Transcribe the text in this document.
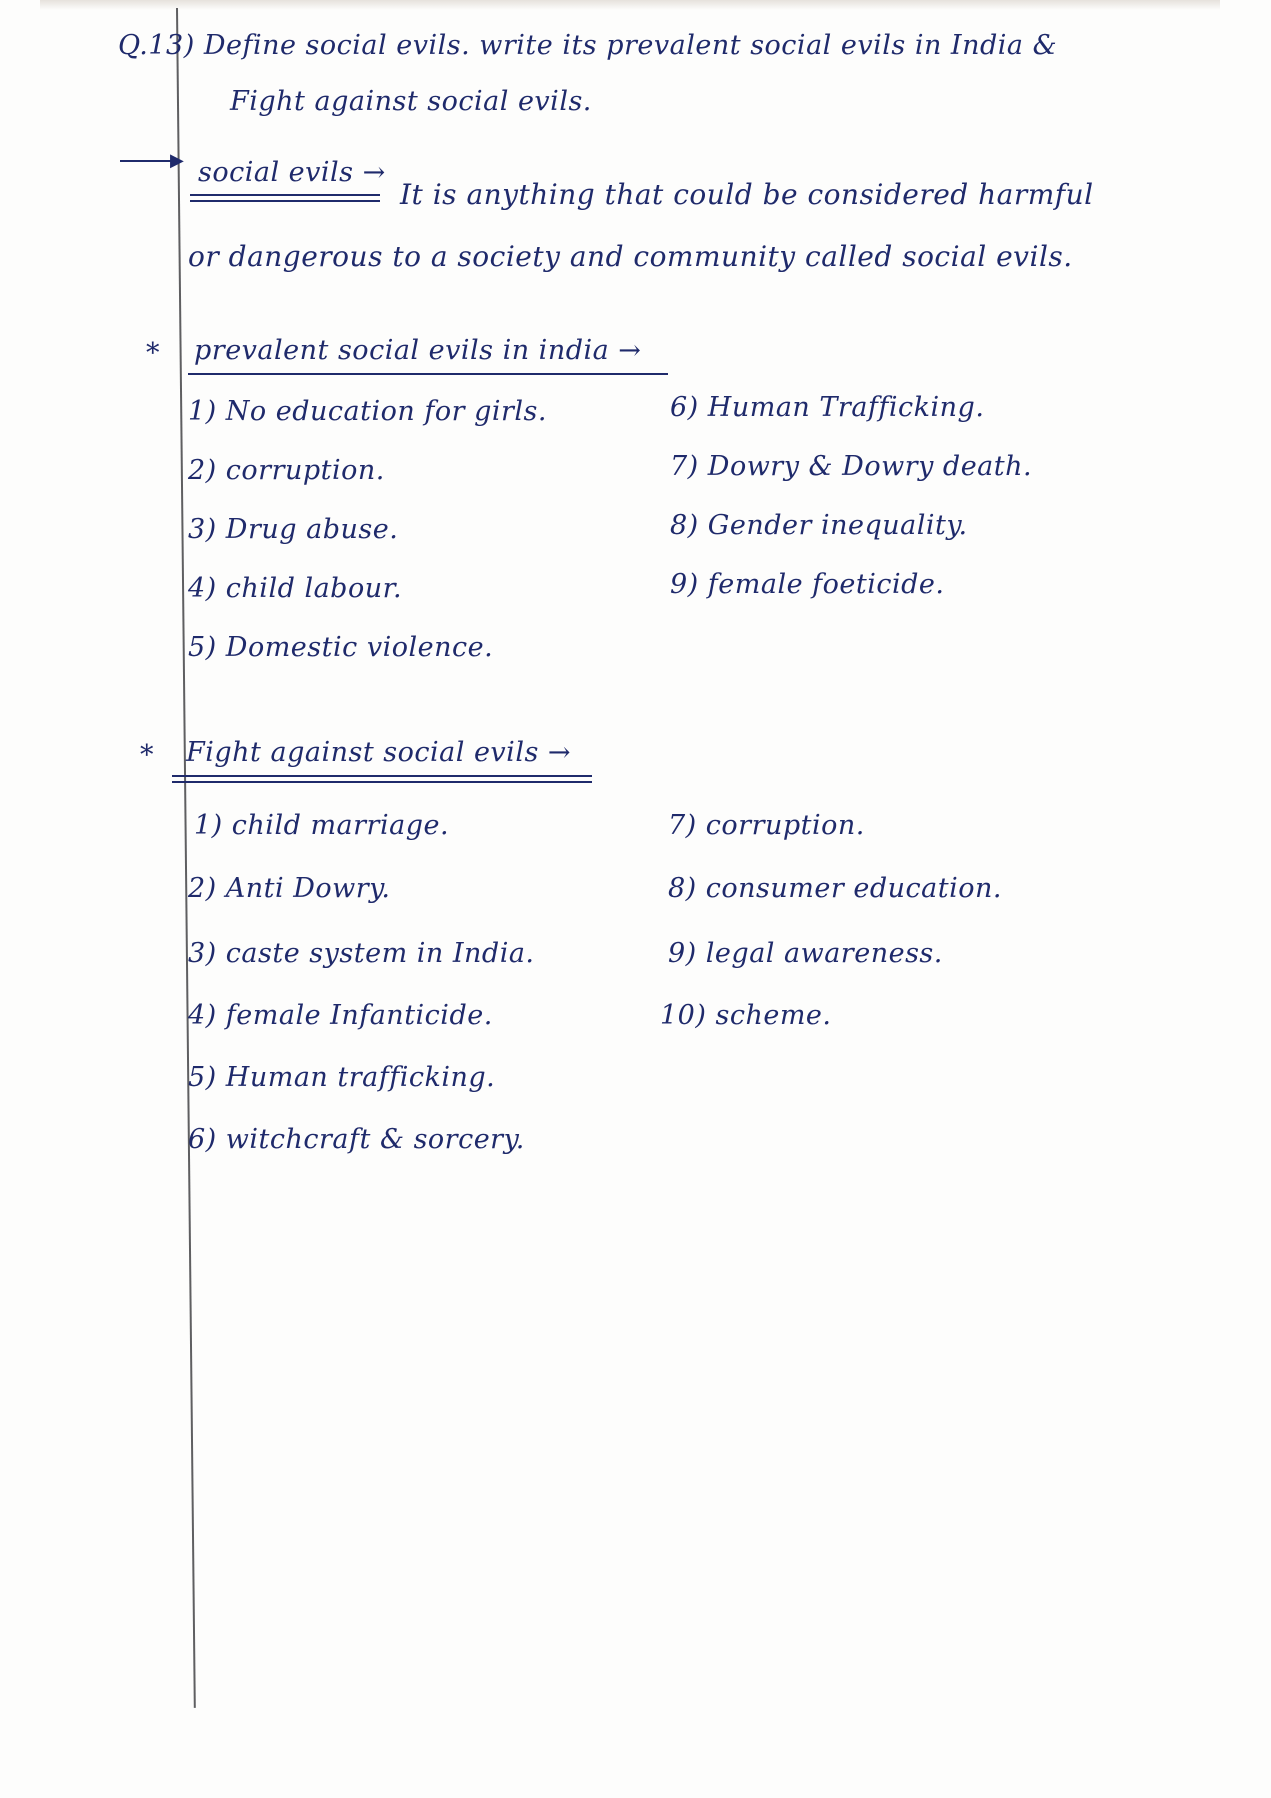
Q.13) Define social evils. write its prevalent social evils in India &
Fight against social evils.
▶ social evils →
It is anything that could be considered harmful
or dangerous to a society and community called social evils.
* prevalent social evils in india →
1) No education for girls.
2) corruption.
3) Drug abuse.
4) child labour.
5) Domestic violence.
6) Human Trafficking.
7) Dowry & Dowry death.
8) Gender inequality.
9) female foeticide.
* Fight against social evils →
1) child marriage.
2) Anti Dowry.
3) caste system in India.
4) female Infanticide.
5) Human trafficking.
6) witchcraft & sorcery.
7) corruption.
8) consumer education.
9) legal awareness.
10) scheme.
